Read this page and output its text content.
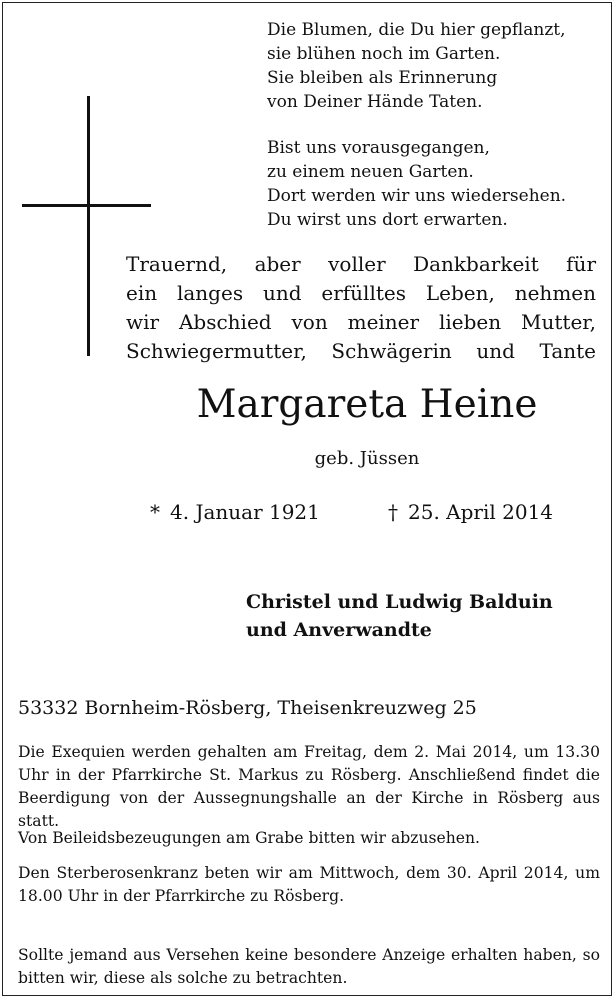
Die Blumen, die Du hier gepflanzt,
sie blühen noch im Garten.
Sie bleiben als Erinnerung
von Deiner Hände Taten.
Bist uns vorausgegangen,
zu einem neuen Garten.
Dort werden wir uns wiedersehen.
Du wirst uns dort erwarten.
Trauernd, aber voller Dankbarkeit für
ein langes und erfülltes Leben, nehmen
wir Abschied von meiner lieben Mutter,
Schwiegermutter, Schwägerin und Tante
Margareta Heine
geb. Jüssen
* 4. Januar 1921	† 25. April 2014
Christel und Ludwig Balduin
und Anverwandte
53332 Bornheim-Rösberg, Theisenkreuzweg 25
Die Exequien werden gehalten am Freitag, dem 2. Mai 2014, um 13.30 Uhr in der Pfarrkirche St. Markus zu Rösberg. Anschließend findet die Beerdigung von der Aussegnungshalle an der Kirche in Rösberg aus statt.
Von Beileidsbezeugungen am Grabe bitten wir abzusehen.
Den Sterberosenkranz beten wir am Mittwoch, dem 30. April 2014, um 18.00 Uhr in der Pfarrkirche zu Rösberg.
Sollte jemand aus Versehen keine besondere Anzeige erhalten haben, so bitten wir, diese als solche zu betrachten.
